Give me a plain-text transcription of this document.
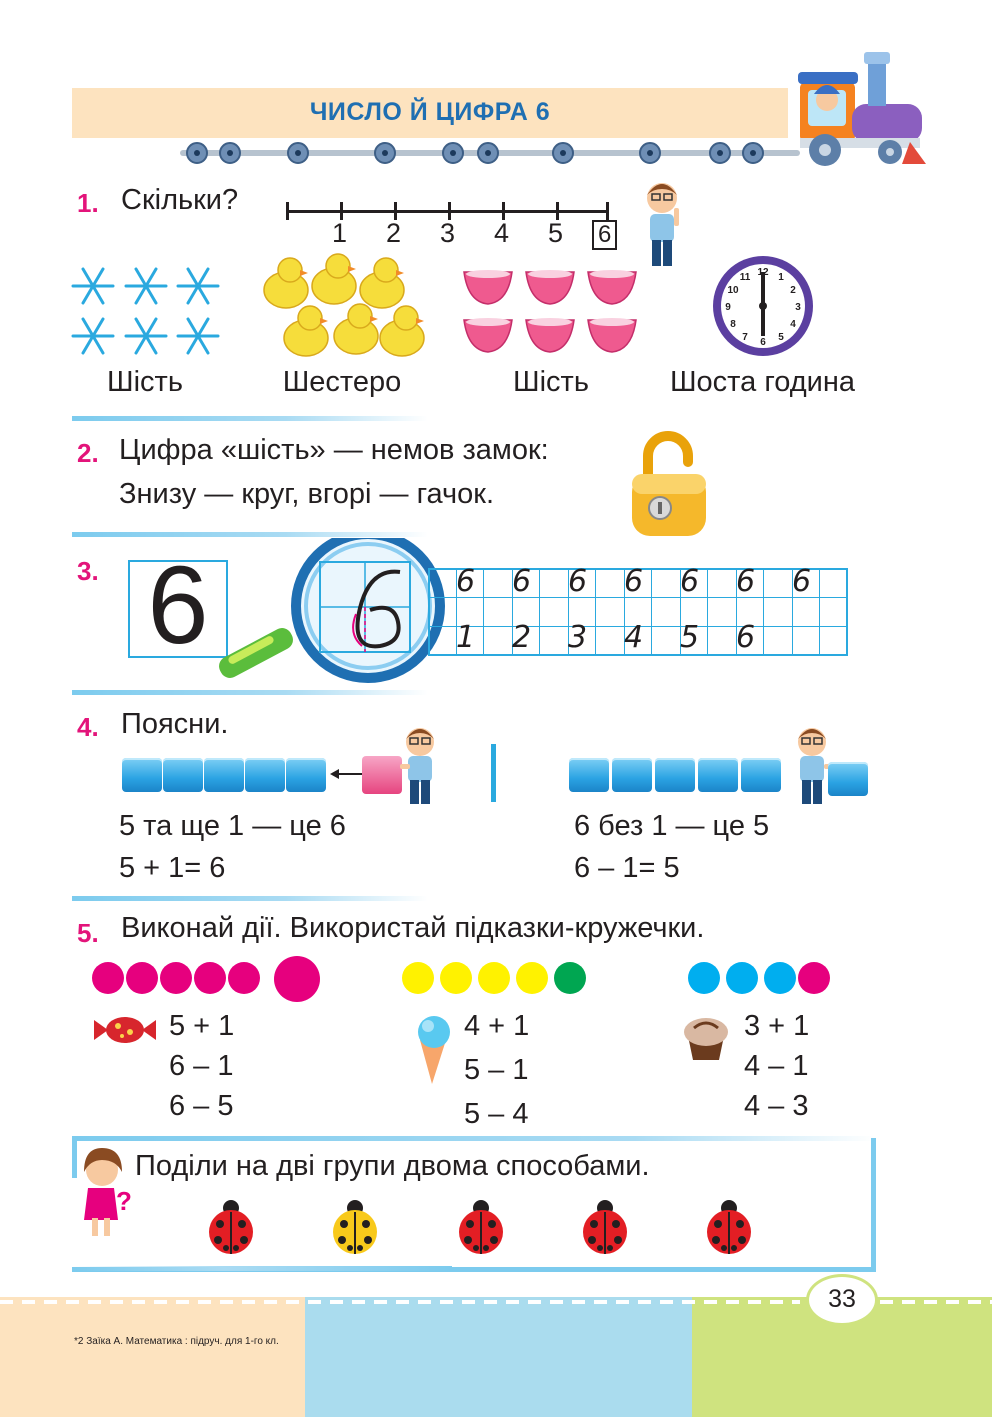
ЧИСЛО Й ЦИФРА 6
1. Скільки?
1 2 3 4 5 6
12 1
2
3
4
5
6
7
8
9
10
11
Шість	Шестеро	Шість	Шоста година
2. Цифра «шість» — немов замок:
Знизу — круг, вгорі — гачок.
3. 6	6 6 6 6 6 6 6
1 2 3 4 5 6
4. Поясни.
5 та ще 1 — це 6
5 + 1= 6
6 без 1 — це 5
6 – 1= 5
5. Виконай дії. Використай підказки-кружечки.
5 + 1
6 – 1
6 – 5
4 + 1
5 – 1
5 – 4
3 + 1
4 – 1
4 – 3
?
Поділи на дві групи двома способами.
33
*2 Заїка А. Математика : підруч. для 1-го кл.
